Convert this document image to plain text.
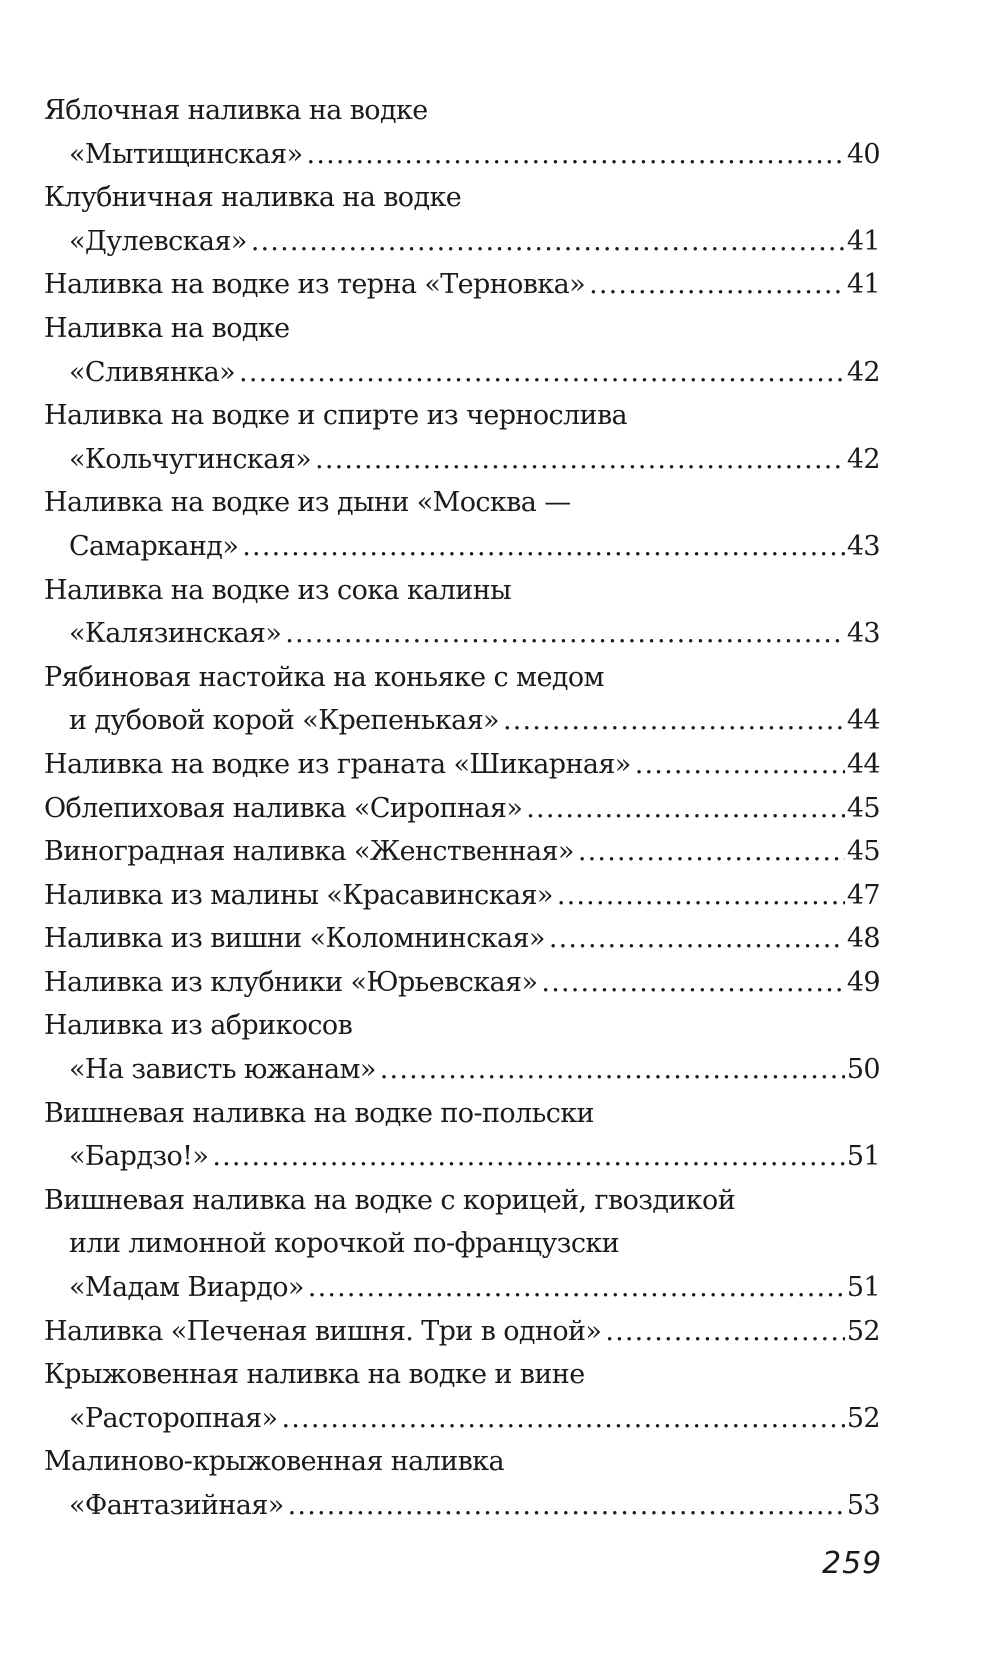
Яблочная наливка на водке
«Мытищинская» .....	40
Клубничная наливка на водке
«Дулевская» .....	41
Наливка на водке из терна «Терновка» .....	41
Наливка на водке
«Сливянка» .....	42
Наливка на водке и спирте из чернослива
«Кольчугинская» .....	42
Наливка на водке из дыни «Москва —
Самарканд» .....	43
Наливка на водке из сока калины
«Калязинская» .....	43
Рябиновая настойка на коньяке с медом
и дубовой корой «Крепенькая» .....	44
Наливка на водке из граната «Шикарная» .....	44
Облепиховая наливка «Сиропная» .....	45
Виноградная наливка «Женственная» .....	45
Наливка из малины «Красавинская» .....	47
Наливка из вишни «Коломнинская» .....	48
Наливка из клубники «Юрьевская» .....	49
Наливка из абрикосов
«На зависть южанам» .....	50
Вишневая наливка на водке по-польски
«Бардзо!» .....	51
Вишневая наливка на водке с корицей, гвоздикой
или лимонной корочкой по-французски
«Мадам Виардо» .....	51
Наливка «Печеная вишня. Три в одной» .....	52
Крыжовенная наливка на водке и вине
«Расторопная» .....	52
Малиново-крыжовенная наливка
«Фантазийная» .....	53
259
